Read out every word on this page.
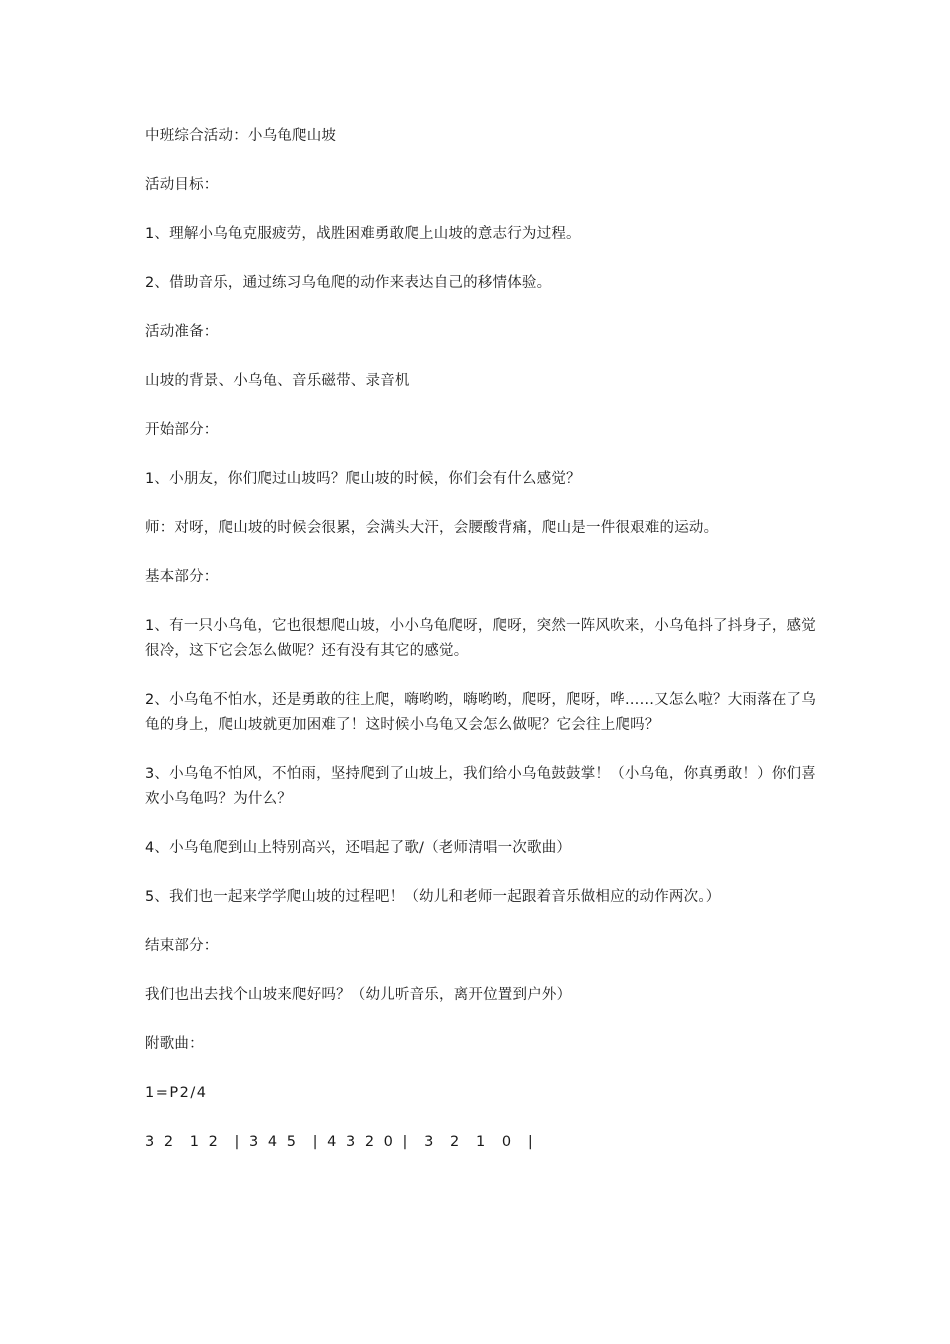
中班综合活动：小乌龟爬山坡

活动目标：

1、理解小乌龟克服疲劳，战胜困难勇敢爬上山坡的意志行为过程。

2、借助音乐，通过练习乌龟爬的动作来表达自己的移情体验。

活动准备：

山坡的背景、小乌龟、音乐磁带、录音机

开始部分：

1、小朋友，你们爬过山坡吗？爬山坡的时候，你们会有什么感觉？

师：对呀，爬山坡的时候会很累，会满头大汗，会腰酸背痛，爬山是一件很艰难的运动。

基本部分：

1、有一只小乌龟，它也很想爬山坡，小小乌龟爬呀，爬呀，突然一阵风吹来，小乌龟抖了抖身子，感觉很冷，这下它会怎么做呢？还有没有其它的感觉。

2、小乌龟不怕水，还是勇敢的往上爬，嗨哟哟，嗨哟哟，爬呀，爬呀，哗……又怎么啦？大雨落在了乌龟的身上，爬山坡就更加困难了！这时候小乌龟又会怎么做呢？它会往上爬吗？

3、小乌龟不怕风，不怕雨，坚持爬到了山坡上，我们给小乌龟鼓鼓掌！（小乌龟，你真勇敢！）你们喜欢小乌龟吗？为什么？

4、小乌龟爬到山上特别高兴，还唱起了歌/（老师清唱一次歌曲）

5、我们也一起来学学爬山坡的过程吧！（幼儿和老师一起跟着音乐做相应的动作两次。）

结束部分：

我们也出去找个山坡来爬好吗？（幼儿听音乐，离开位置到户外）

附歌曲：

1=P2/4

3 2  1 2  | 3 4 5  | 4 3 2 0 |  3  2  1  0  |
